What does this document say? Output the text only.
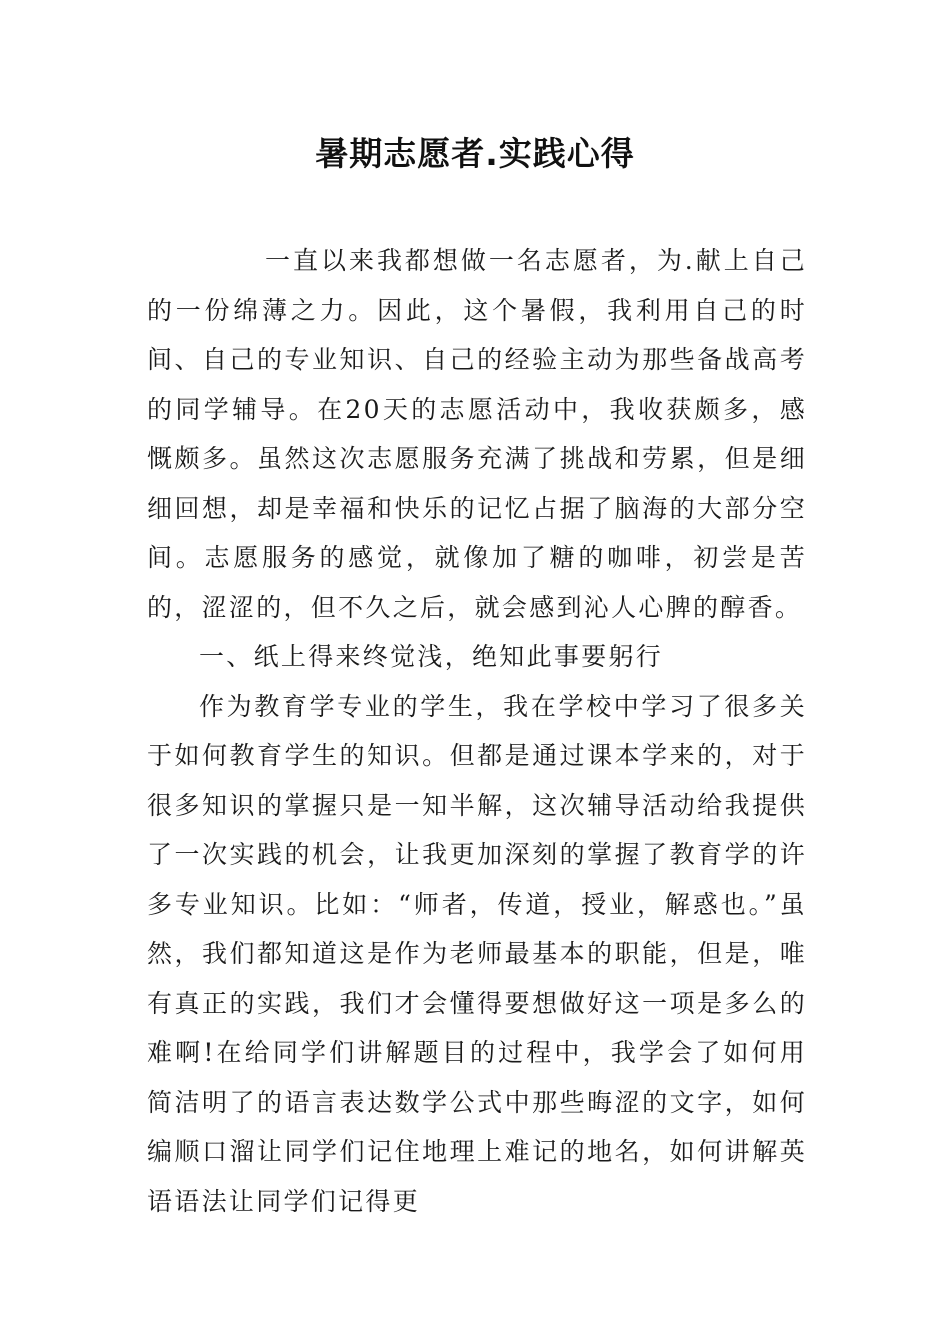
暑期志愿者.实践心得

一直以来我都想做一名志愿者，为.献上自己的一份绵薄之力。因此，这个暑假，我利用自己的时间、自己的专业知识、自己的经验主动为那些备战高考的同学辅导。在20天的志愿活动中，我收获颇多，感慨颇多。虽然这次志愿服务充满了挑战和劳累，但是细细回想，却是幸福和快乐的记忆占据了脑海的大部分空间。志愿服务的感觉，就像加了糖的咖啡，初尝是苦的，涩涩的，但不久之后，就会感到沁人心脾的醇香。

一、纸上得来终觉浅，绝知此事要躬行

作为教育学专业的学生，我在学校中学习了很多关于如何教育学生的知识。但都是通过课本学来的，对于很多知识的掌握只是一知半解，这次辅导活动给我提供了一次实践的机会，让我更加深刻的掌握了教育学的许多专业知识。比如：“师者，传道，授业，解惑也。”虽然，我们都知道这是作为老师最基本的职能，但是，唯有真正的实践，我们才会懂得要想做好这一项是多么的难啊!在给同学们讲解题目的过程中，我学会了如何用简洁明了的语言表达数学公式中那些晦涩的文字，如何编顺口溜让同学们记住地理上难记的地名，如何讲解英语语法让同学们记得更
